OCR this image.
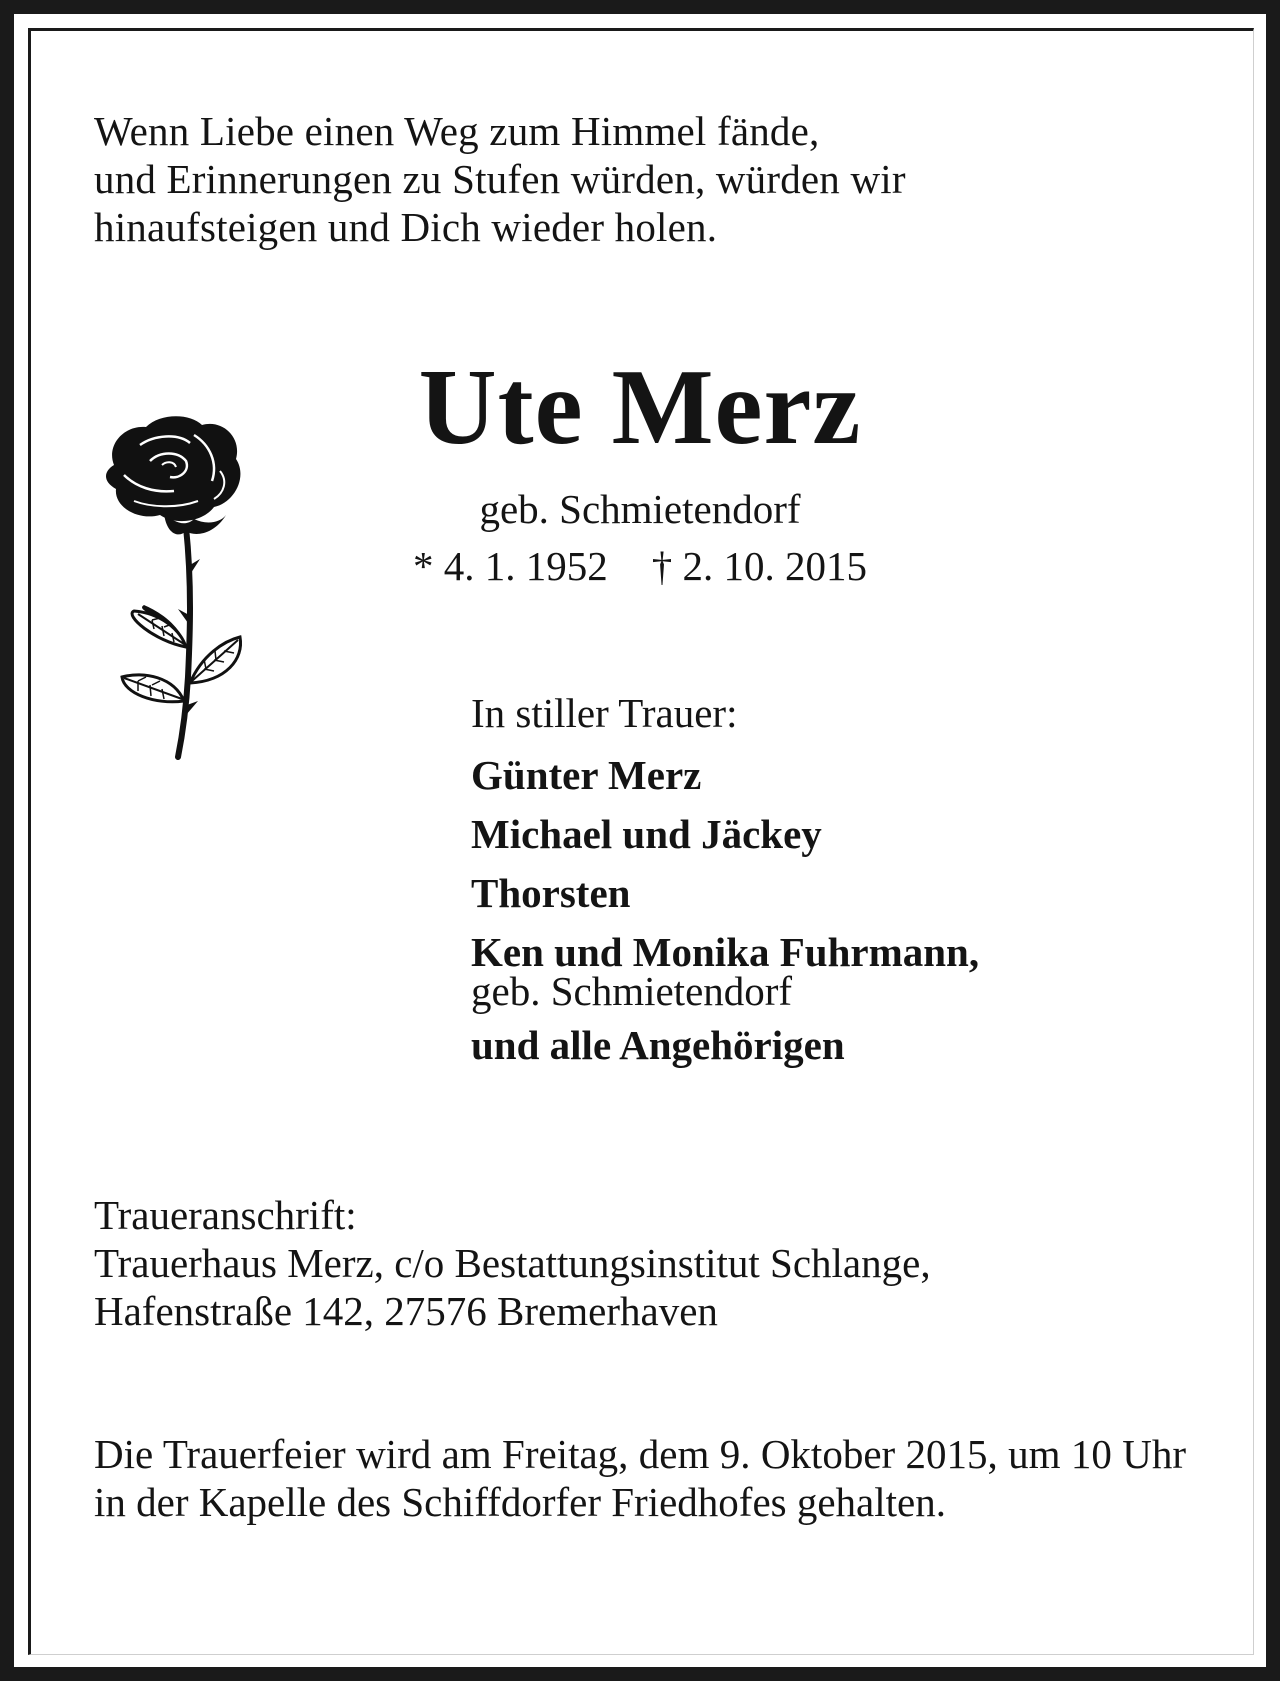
Wenn Liebe einen Weg zum Himmel fände,
und Erinnerungen zu Stufen würden, würden wir
hinaufsteigen und Dich wieder holen.
Ute Merz
geb. Schmietendorf
* 4. 1. 1952 † 2. 10. 2015
In stiller Trauer:
Günter Merz
Michael und Jäckey
Thorsten
Ken und Monika Fuhrmann,
geb. Schmietendorf
und alle Angehörigen
Traueranschrift:
Trauerhaus Merz, c/o Bestattungsinstitut Schlange,
Hafenstraße 142, 27576 Bremerhaven
Die Trauerfeier wird am Freitag, dem 9. Oktober 2015, um 10 Uhr in der Kapelle des Schiffdorfer Friedhofes gehalten.
